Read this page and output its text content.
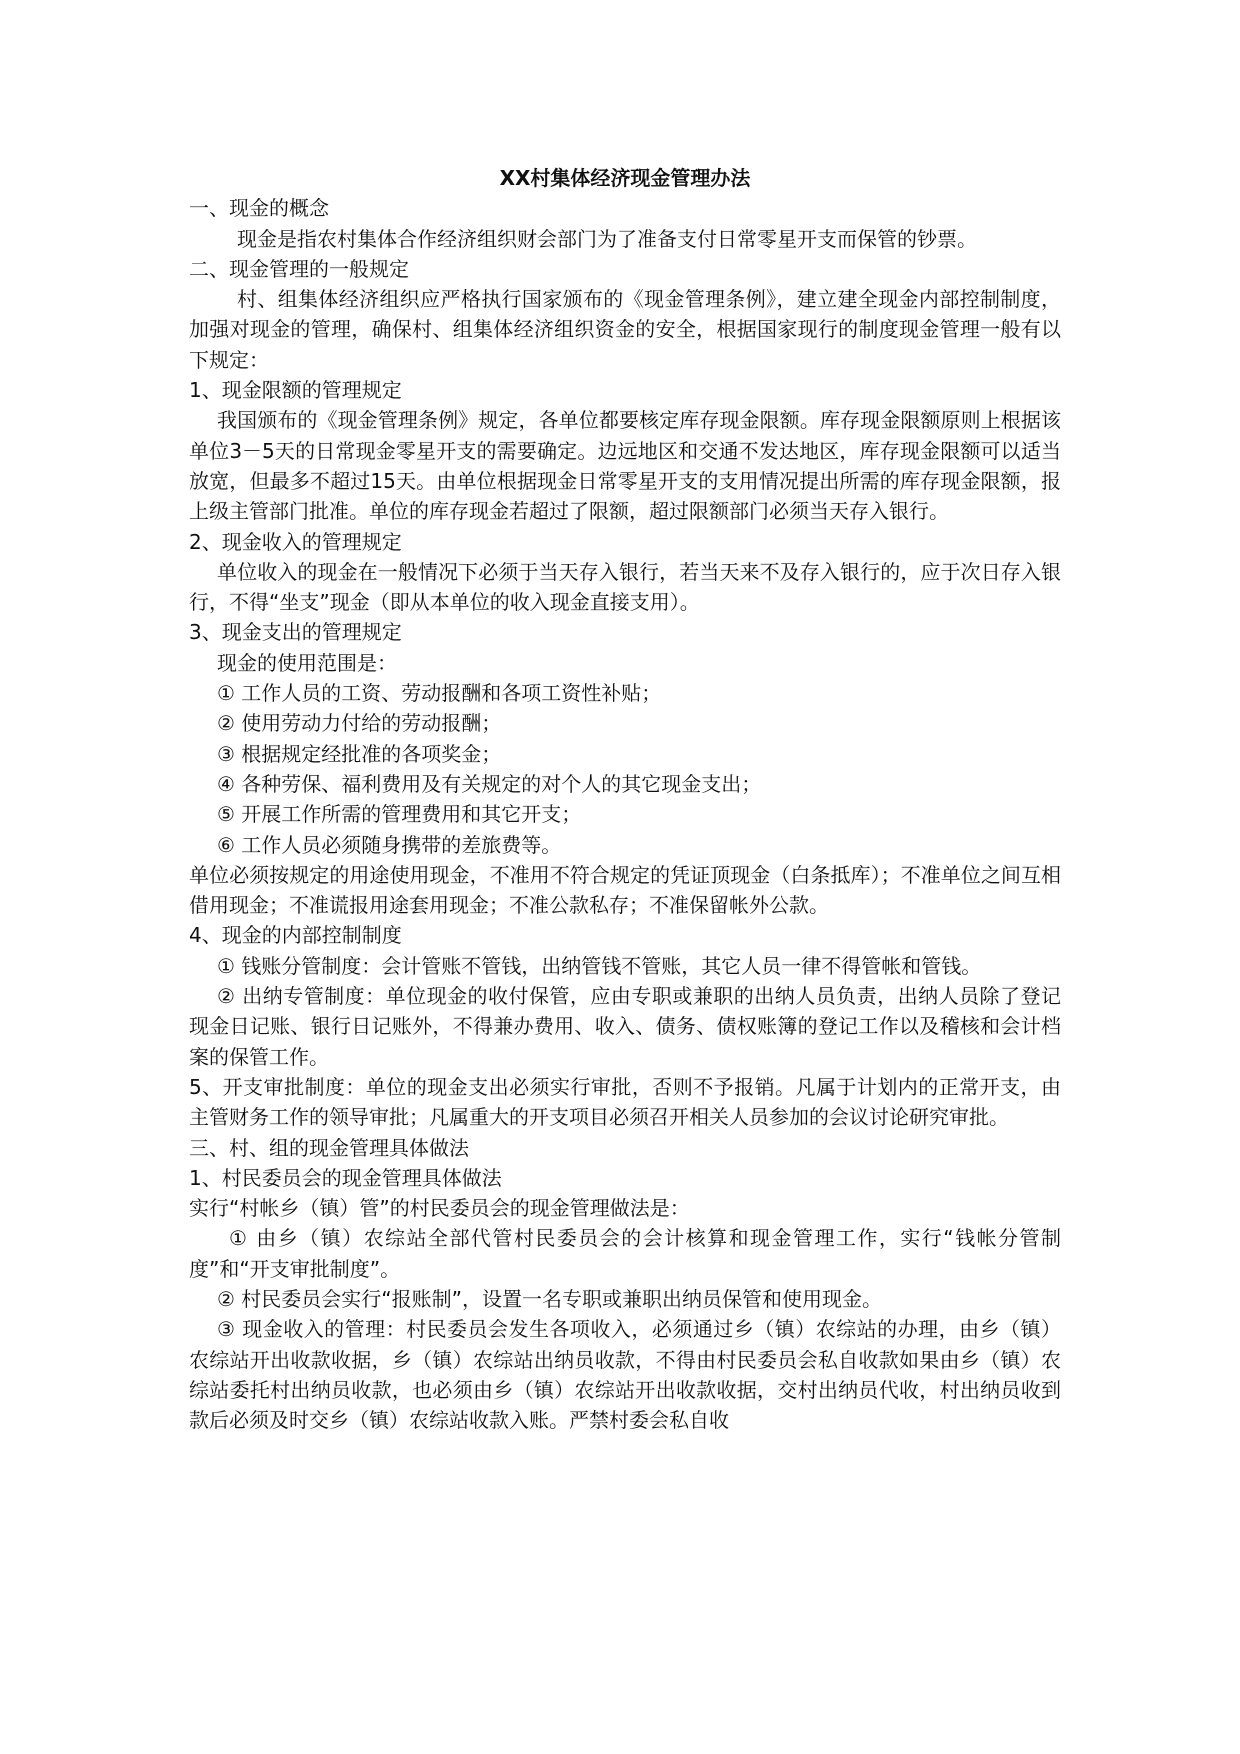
XX村集体经济现金管理办法

一、现金的概念

现金是指农村集体合作经济组织财会部门为了准备支付日常零星开支而保管的钞票。

二、现金管理的一般规定

村、组集体经济组织应严格执行国家颁布的《现金管理条例》，建立建全现金内部控制制度，加强对现金的管理，确保村、组集体经济组织资金的安全，根据国家现行的制度现金管理一般有以下规定：

1、现金限额的管理规定

我国颁布的《现金管理条例》规定，各单位都要核定库存现金限额。库存现金限额原则上根据该单位3－5天的日常现金零星开支的需要确定。边远地区和交通不发达地区，库存现金限额可以适当放宽，但最多不超过15天。由单位根据现金日常零星开支的支用情况提出所需的库存现金限额，报上级主管部门批准。单位的库存现金若超过了限额，超过限额部门必须当天存入银行。

2、现金收入的管理规定

单位收入的现金在一般情况下必须于当天存入银行，若当天来不及存入银行的，应于次日存入银行，不得“坐支”现金（即从本单位的收入现金直接支用）。

3、现金支出的管理规定

现金的使用范围是：

① 工作人员的工资、劳动报酬和各项工资性补贴；

② 使用劳动力付给的劳动报酬；

③ 根据规定经批准的各项奖金；

④ 各种劳保、福利费用及有关规定的对个人的其它现金支出；

⑤ 开展工作所需的管理费用和其它开支；

⑥ 工作人员必须随身携带的差旅费等。

单位必须按规定的用途使用现金，不准用不符合规定的凭证顶现金（白条抵库）；不准单位之间互相借用现金；不准谎报用途套用现金；不准公款私存；不准保留帐外公款。

4、现金的内部控制制度

① 钱账分管制度：会计管账不管钱，出纳管钱不管账，其它人员一律不得管帐和管钱。

② 出纳专管制度：单位现金的收付保管，应由专职或兼职的出纳人员负责，出纳人员除了登记现金日记账、银行日记账外，不得兼办费用、收入、债务、债权账簿的登记工作以及稽核和会计档案的保管工作。

5、开支审批制度：单位的现金支出必须实行审批，否则不予报销。凡属于计划内的正常开支，由主管财务工作的领导审批；凡属重大的开支项目必须召开相关人员参加的会议讨论研究审批。

三、村、组的现金管理具体做法

1、村民委员会的现金管理具体做法

实行“村帐乡（镇）管”的村民委员会的现金管理做法是：

① 由乡（镇）农综站全部代管村民委员会的会计核算和现金管理工作，实行“钱帐分管制度”和“开支审批制度”。

② 村民委员会实行“报账制”，设置一名专职或兼职出纳员保管和使用现金。

③ 现金收入的管理：村民委员会发生各项收入，必须通过乡（镇）农综站的办理，由乡（镇）农综站开出收款收据，乡（镇）农综站出纳员收款，不得由村民委员会私自收款如果由乡（镇）农综站委托村出纳员收款，也必须由乡（镇）农综站开出收款收据，交村出纳员代收，村出纳员收到款后必须及时交乡（镇）农综站收款入账。严禁村委会私自收
